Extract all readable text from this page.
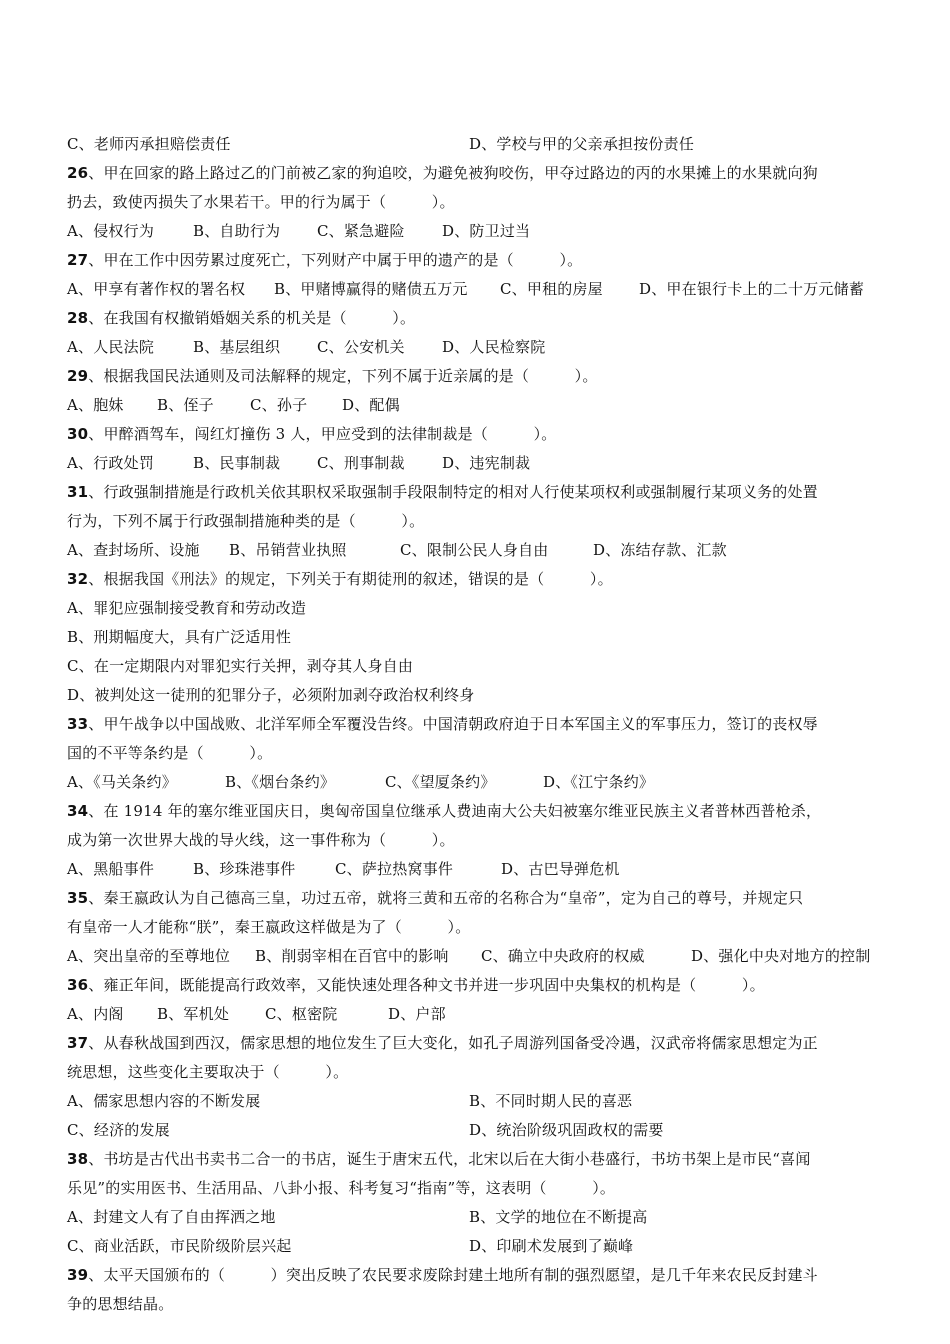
C、老师丙承担赔偿责任	D、学校与甲的父亲承担按份责任
26、甲在回家的路上路过乙的门前被乙家的狗追咬，为避免被狗咬伤，甲夺过路边的丙的水果摊上的水果就向狗
扔去，致使丙损失了水果若干。甲的行为属于（　　　）。
A、侵权行为	B、自助行为 C、紧急避险 D、防卫过当
27、甲在工作中因劳累过度死亡，下列财产中属于甲的遗产的是（　　　）。
A、甲享有著作权的署名权 B、甲赌博赢得的赌债五万元 C、甲租的房屋 D、甲在银行卡上的二十万元储蓄
28、在我国有权撤销婚姻关系的机关是（　　　）。
A、人民法院	B、基层组织 C、公安机关 D、人民检察院
29、根据我国民法通则及司法解释的规定，下列不属于近亲属的是（　　　）。
A、胞妹 B、侄子 C、孙子 D、配偶
30、甲醉酒驾车，闯红灯撞伤 3 人，甲应受到的法律制裁是（　　　）。
A、行政处罚	B、民事制裁 C、刑事制裁 D、违宪制裁
31、行政强制措施是行政机关依其职权采取强制手段限制特定的相对人行使某项权利或强制履行某项义务的处置
行为，下列不属于行政强制措施种类的是（　　　）。
A、查封场所、设施 B、吊销营业执照	C、限制公民人身自由	D、冻结存款、汇款
32、根据我国《刑法》的规定，下列关于有期徒刑的叙述，错误的是（　　　）。
A、罪犯应强制接受教育和劳动改造
B、刑期幅度大，具有广泛适用性
C、在一定期限内对罪犯实行关押，剥夺其人身自由
D、被判处这一徒刑的犯罪分子，必须附加剥夺政治权利终身
33、甲午战争以中国战败、北洋军师全军覆没告终。中国清朝政府迫于日本军国主义的军事压力，签订的丧权辱
国的不平等条约是（　　　）。
A、《马关条约》	B、《烟台条约》	C、《望厦条约》	D、《江宁条约》
34、在 1914 年的塞尔维亚国庆日，奥匈帝国皇位继承人费迪南大公夫妇被塞尔维亚民族主义者普林西普枪杀，
成为第一次世界大战的导火线，这一事件称为（　　　）。
A、黑船事件	B、珍珠港事件	C、萨拉热窝事件	D、古巴导弹危机
35、秦王嬴政认为自己德高三皇，功过五帝，就将三黄和五帝的名称合为“皇帝”，定为自己的尊号，并规定只
有皇帝一人才能称“朕”，秦王嬴政这样做是为了（　　　）。
A、突出皇帝的至尊地位 B、削弱宰相在百官中的影响 C、确立中央政府的权威	D、强化中央对地方的控制
36、雍正年间，既能提高行政效率，又能快速处理各种文书并进一步巩固中央集权的机构是（　　　）。
A、内阁 B、军机处 C、枢密院	D、户部
37、从春秋战国到西汉，儒家思想的地位发生了巨大变化，如孔子周游列国备受冷遇，汉武帝将儒家思想定为正
统思想，这些变化主要取决于（　　　）。
A、儒家思想内容的不断发展	B、不同时期人民的喜恶
C、经济的发展	D、统治阶级巩固政权的需要
38、书坊是古代出书卖书二合一的书店，诞生于唐宋五代，北宋以后在大街小巷盛行，书坊书架上是市民“喜闻
乐见”的实用医书、生活用品、八卦小报、科考复习“指南”等，这表明（　　　）。
A、封建文人有了自由挥洒之地	B、文学的地位在不断提高
C、商业活跃，市民阶级阶层兴起	D、印刷术发展到了巅峰
39、太平天国颁布的（　　　）突出反映了农民要求废除封建土地所有制的强烈愿望，是几千年来农民反封建斗
争的思想结晶。
